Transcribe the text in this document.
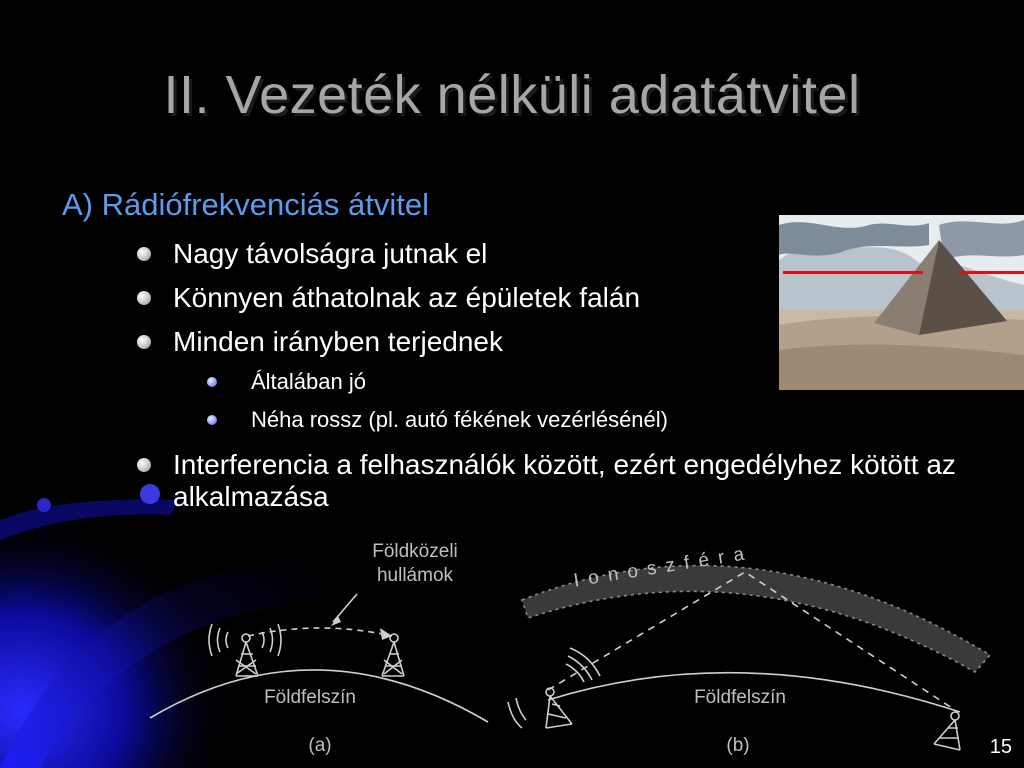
II. Vezeték nélküli adatátvitel
A) Rádiófrekvenciás átvitel
Nagy távolságra jutnak el
Könnyen áthatolnak az épületek falán
Minden irányben terjednek
Általában jó
Néha rossz (pl. autó fékének vezérlésénél)
Interferencia a felhasználók között, ezért engedélyhez kötött az alkalmazása
Földközeli
hullámok
Földfelszín
(a)
I o n o s z f é r a
Földfelszín
(b)	15
